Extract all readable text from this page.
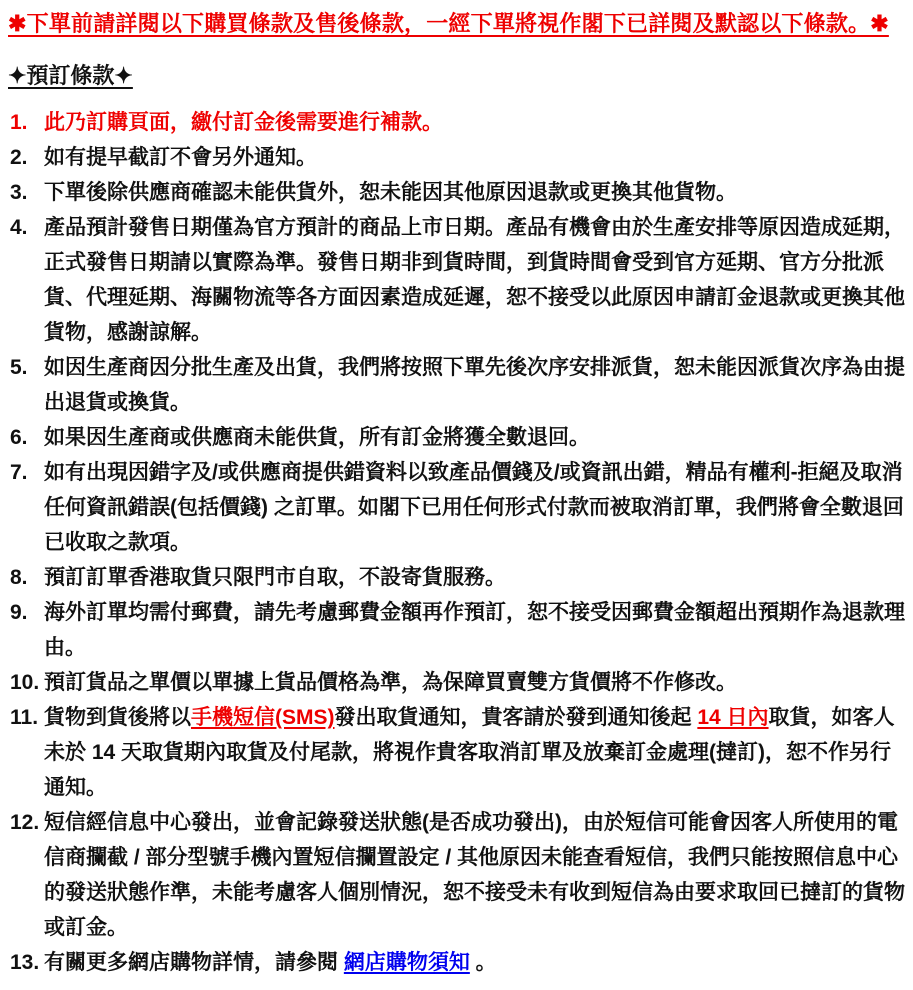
✱下單前請詳閱以下購買條款及售後條款，一經下單將視作閣下已詳閱及默認以下條款。✱
✦預訂條款✦
1. 此乃訂購頁面，繳付訂金後需要進行補款。
2. 如有提早截訂不會另外通知。
3. 下單後除供應商確認未能供貨外，恕未能因其他原因退款或更換其他貨物。
4. 產品預計發售日期僅為官方預計的商品上市日期。產品有機會由於生產安排等原因造成延期，正式發售日期請以實際為準。發售日期非到貨時間，到貨時間會受到官方延期、官方分批派貨、代理延期、海關物流等各方面因素造成延遲，恕不接受以此原因申請訂金退款或更換其他貨物，感謝諒解。
5. 如因生產商因分批生產及出貨，我們將按照下單先後次序安排派貨，恕未能因派貨次序為由提出退貨或換貨。
6. 如果因生產商或供應商未能供貨，所有訂金將獲全數退回。
7. 如有出現因錯字及/或供應商提供錯資料以致產品價錢及/或資訊出錯，精品有權利-拒絕及取消任何資訊錯誤(包括價錢) 之訂單。如閣下已用任何形式付款而被取消訂單，我們將會全數退回已收取之款項。
8. 預訂訂單香港取貨只限門市自取，不設寄貨服務。
9. 海外訂單均需付郵費，請先考慮郵費金額再作預訂，恕不接受因郵費金額超出預期作為退款理由。
10. 預訂貨品之單價以單據上貨品價格為準，為保障買賣雙方貨價將不作修改。
11. 貨物到貨後將以手機短信(SMS)發出取貨通知，貴客請於發到通知後起 14 日內取貨，如客人未於 14 天取貨期內取貨及付尾款，將視作貴客取消訂單及放棄訂金處理(撻訂)，恕不作另行通知。
12. 短信經信息中心發出，並會記錄發送狀態(是否成功發出)，由於短信可能會因客人所使用的電信商攔截 / 部分型號手機內置短信攔置設定 / 其他原因未能查看短信，我們只能按照信息中心的發送狀態作準，未能考慮客人個別情況，恕不接受未有收到短信為由要求取回已撻訂的貨物或訂金。
13. 有關更多網店購物詳情，請參閱 網店購物須知 。
